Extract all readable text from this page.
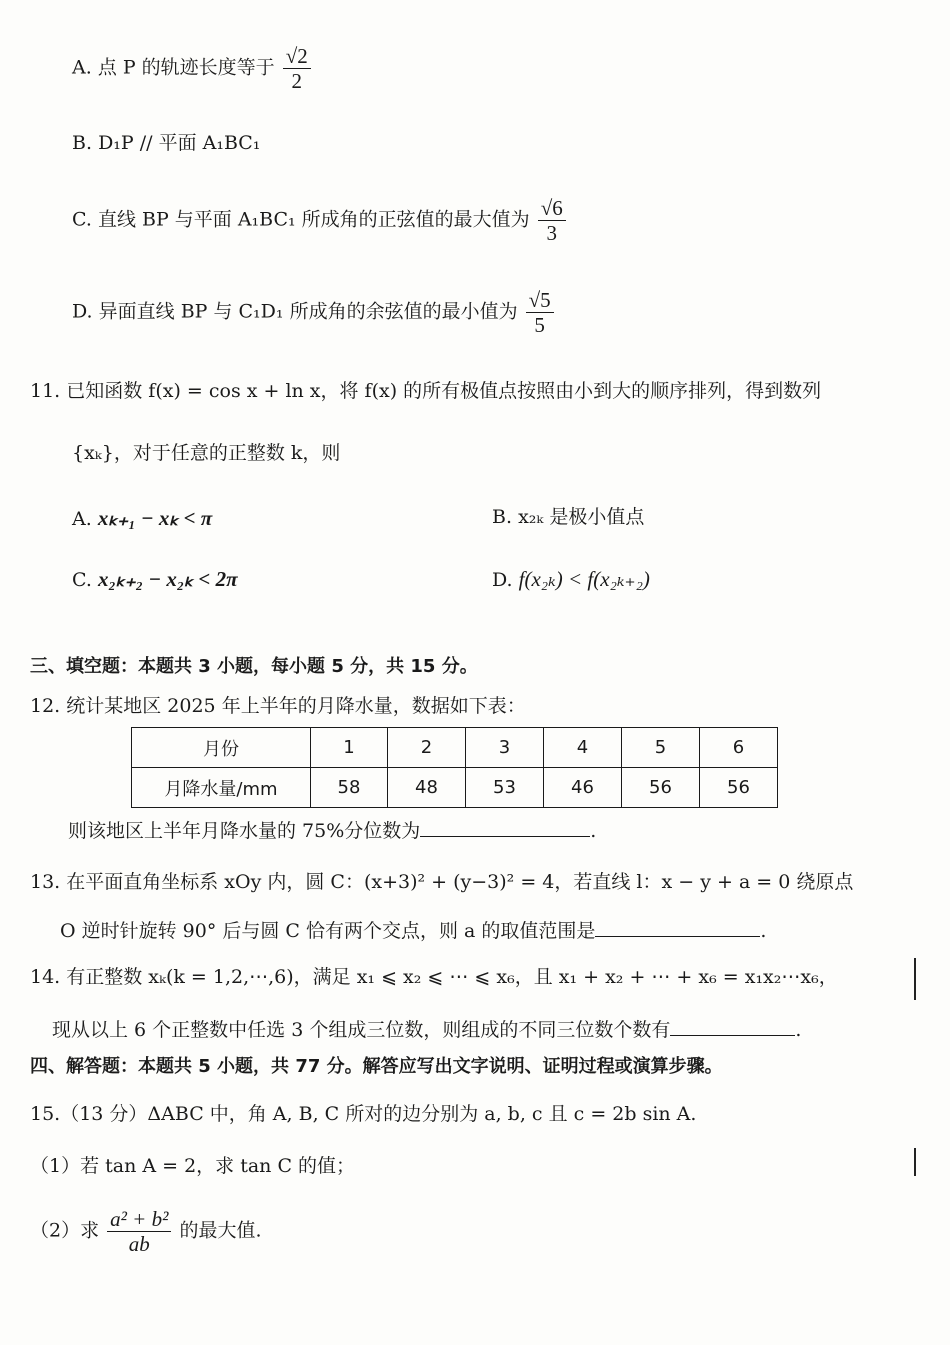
A. 点 P 的轨迹长度等于 $\frac{√2}{2}$
B. D₁P // 平面 A₁BC₁
C. 直线 BP 与平面 A₁BC₁ 所成角的正弦值的最大值为 $\frac{√6}{3}$
D. 异面直线 BP 与 C₁D₁ 所成角的余弦值的最小值为 $\frac{√5}{5}$
11. 已知函数 f(x) = cos x + ln x，将 f(x) 的所有极值点按照由小到大的顺序排列，得到数列
{xₖ}，对于任意的正整数 k，则
A. xₖ₊₁ − xₖ < π	B. x₂ₖ 是极小值点
C. x₂ₖ₊₂ − x₂ₖ < 2π	D. f(x₂ₖ) < f(x₂ₖ₊₂)
三、填空题：本题共 3 小题，每小题 5 分，共 15 分。
12. 统计某地区 2025 年上半年的月降水量，数据如下表：
月份	1	2	3	4	5	6
月降水量/mm	58	48	53	46	56	56
则该地区上半年月降水量的 75%分位数为	.
13. 在平面直角坐标系 xOy 内，圆 C：(x+3)² + (y−3)² = 4，若直线 l：x − y + a = 0 绕原点
O 逆时针旋转 90° 后与圆 C 恰有两个交点，则 a 的取值范围是	.
14. 有正整数 xₖ(k = 1,2,⋯,6)，满足 x₁ ⩽ x₂ ⩽ ⋯ ⩽ x₆，且 x₁ + x₂ + ⋯ + x₆ = x₁x₂⋯x₆，
现从以上 6 个正整数中任选 3 个组成三位数，则组成的不同三位数个数有	.
四、解答题：本题共 5 小题，共 77 分。解答应写出文字说明、证明过程或演算步骤。
15.（13 分）ΔABC 中，角 A, B, C 所对的边分别为 a, b, c 且 c = 2b sin A.
（1）若 tan A = 2，求 tan C 的值；
（2）求 $\frac{\text{a² + b²}}{ab}$ 的最大值.
